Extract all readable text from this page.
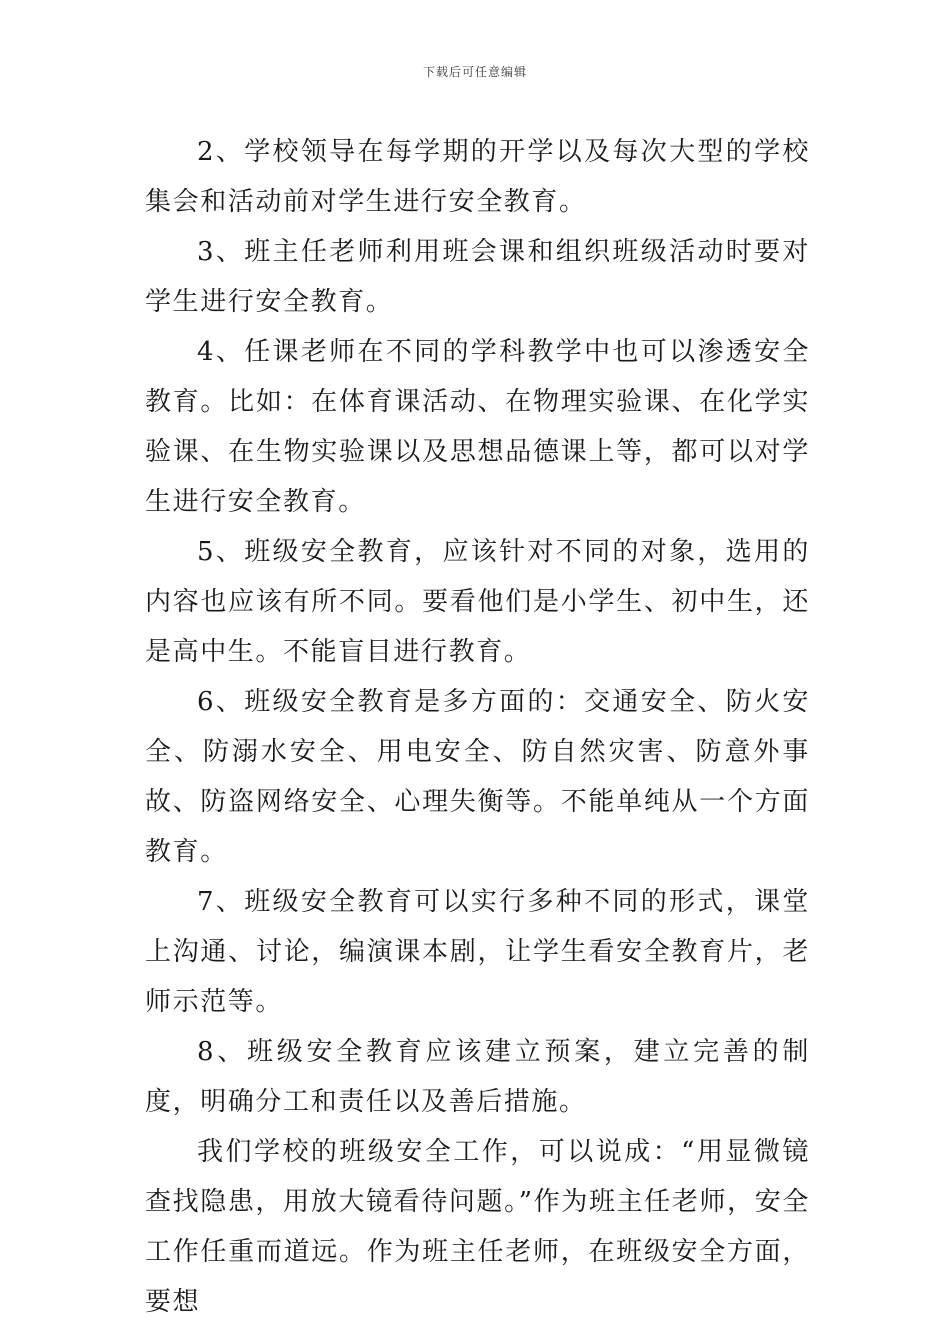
下载后可任意编辑

2、学校领导在每学期的开学以及每次大型的学校集会和活动前对学生进行安全教育。

3、班主任老师利用班会课和组织班级活动时要对学生进行安全教育。

4、任课老师在不同的学科教学中也可以渗透安全教育。比如：在体育课活动、在物理实验课、在化学实验课、在生物实验课以及思想品德课上等，都可以对学生进行安全教育。

5、班级安全教育，应该针对不同的对象，选用的内容也应该有所不同。要看他们是小学生、初中生，还是高中生。不能盲目进行教育。

6、班级安全教育是多方面的：交通安全、防火安全、防溺水安全、用电安全、防自然灾害、防意外事故、防盗网络安全、心理失衡等。不能单纯从一个方面教育。

7、班级安全教育可以实行多种不同的形式，课堂上沟通、讨论，编演课本剧，让学生看安全教育片，老师示范等。

8、班级安全教育应该建立预案，建立完善的制度，明确分工和责任以及善后措施。

我们学校的班级安全工作，可以说成：“用显微镜查找隐患，用放大镜看待问题。”作为班主任老师，安全工作任重而道远。作为班主任老师，在班级安全方面，要想
